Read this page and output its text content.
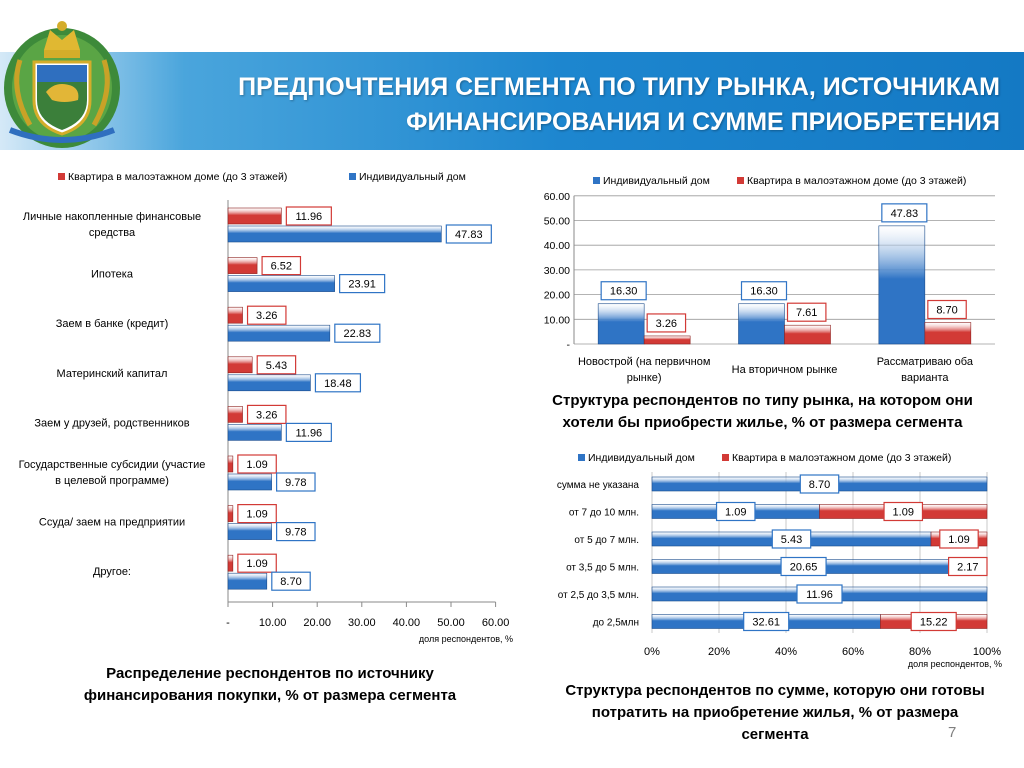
ПРЕДПОЧТЕНИЯ СЕГМЕНТА ПО ТИПУ РЫНКА, ИСТОЧНИКАМ
ФИНАНСИРОВАНИЯ И СУММЕ ПРИОБРЕТЕНИЯ
Квартира в малоэтажном доме (до 3 этажей)	Индивидуальный дом
Личные накопленные финансовые средства
11.96
47.83
Ипотека
6.52
23.91
Заем в банке (кредит)
3.26
22.83
Материнский капитал
5.43
18.48
Заем у друзей, родственников
3.26
11.96
Государственные субсидии (участие в целевой программе)
1.09
9.78
Ссуда/ заем на предприятии
1.09
9.78
Другое:
1.09
8.70
-	10.00 20.00 30.00 40.00 50.00 60.00
доля респондентов, %
Индивидуальный дом	Квартира в малоэтажном доме (до 3 этажей)
-
10.00
20.00
30.00
40.00
50.00
60.00
16.30
3.26
Новострой (на первичном рынке)
16.30
7.61
На вторичном рынке
47.83
8.70
Рассматриваю оба варианта
Индивидуальный дом	Квартира в малоэтажном доме (до 3 этажей)
0%	20%	40%	60%	80%	100%
сумма не указана	8.70
от 7 до 10 млн.	1.09	1.09
от 5 до 7 млн.	5.43	1.09
от 3,5 до 5 млн.	20.65	2.17
от 2,5 до 3,5 млн.	11.96
до 2,5млн	32.61	15.22
доля респондентов, %
Распределение респондентов по источнику финансирования покупки, % от размера сегмента
Структура респондентов по типу рынка, на котором они хотели бы приобрести жилье, % от размера сегмента
Структура респондентов по сумме, которую они готовы потратить на приобретение жилья, % от размера сегмента	7
